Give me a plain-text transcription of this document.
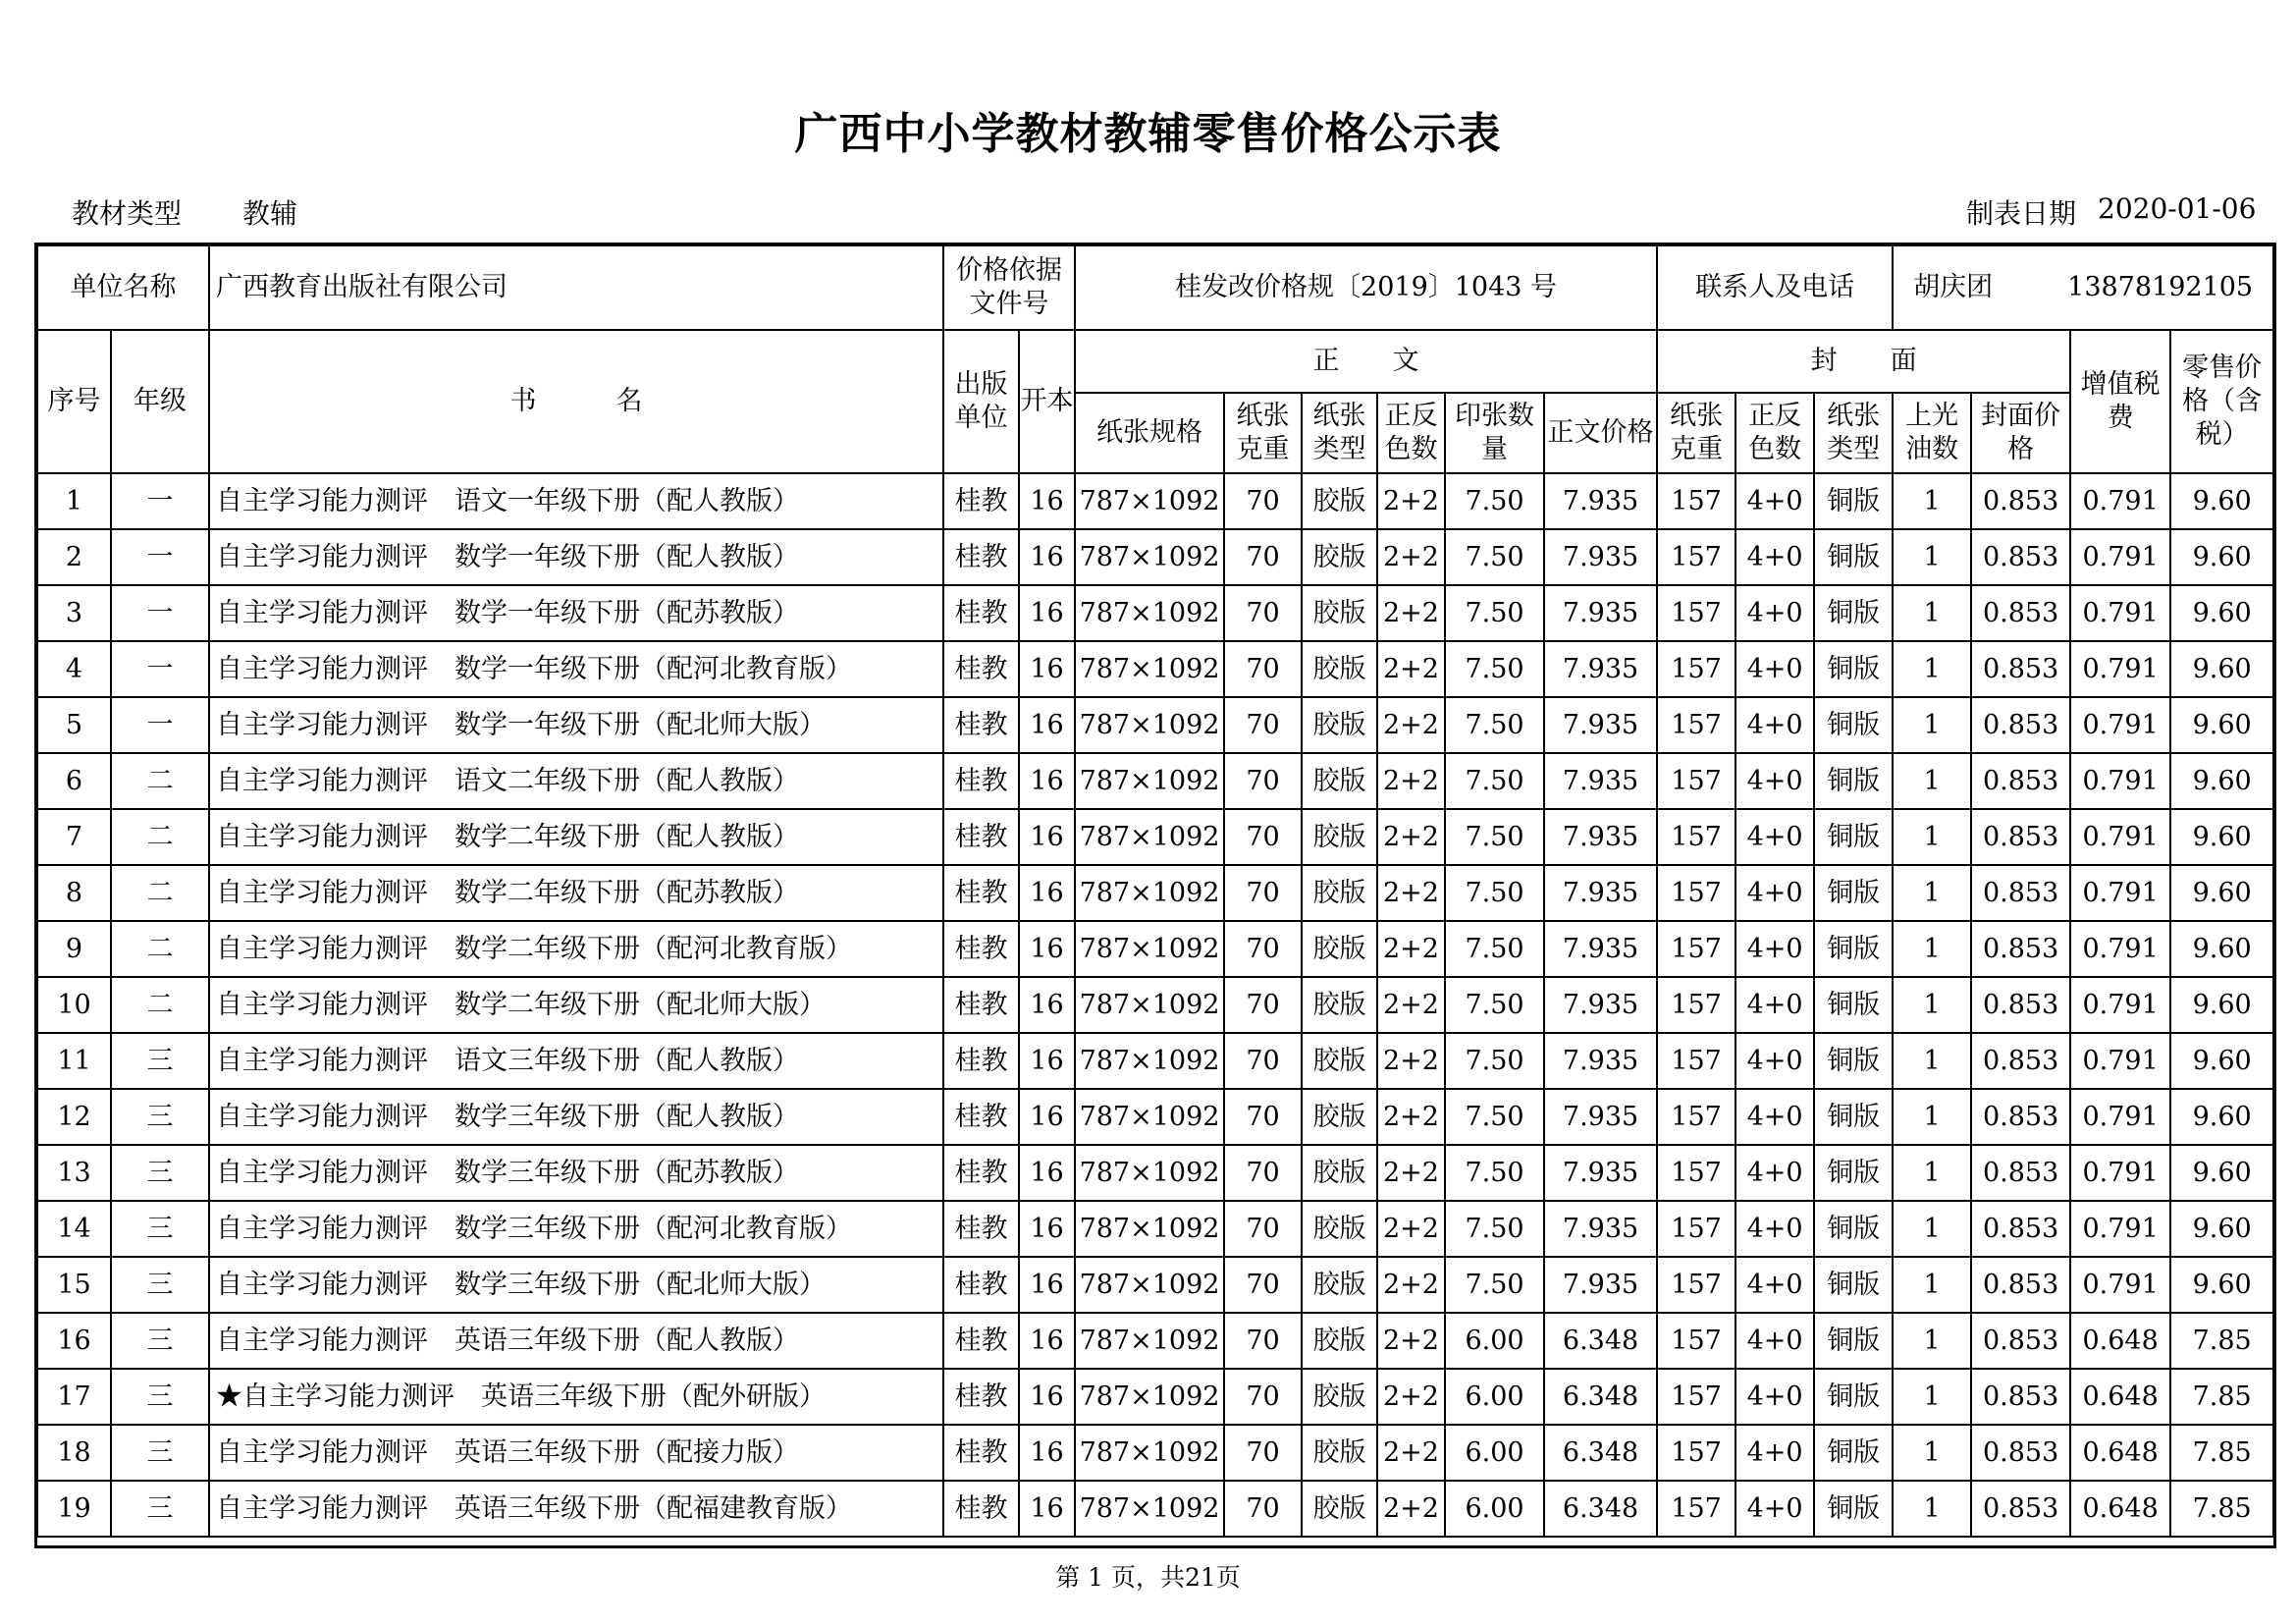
广西中小学教材教辅零售价格公示表
教材类型 教辅	制表日期 2020-01-06
单位名称		广西教育出版社有限公司	价格依据文件号		桂发改价格规〔2019〕1043 号						联系人及电话			胡庆团 13878192105			
序号	年级	书　　　名	出版单位	开本	正　　文						封　　面					增值税费	零售价格（含税）
					纸张规格	纸张克重	纸张类型	正反色数	印张数量	正文价格	纸张克重	正反色数	纸张类型	上光油数	封面价格		
1	一	自主学习能力测评　语文一年级下册（配人教版）	桂教	16	787×1092	70	胶版	2+2	7.50	7.935	157	4+0	铜版	1	0.853	0.791	9.60
2	一	自主学习能力测评　数学一年级下册（配人教版）	桂教	16	787×1092	70	胶版	2+2	7.50	7.935	157	4+0	铜版	1	0.853	0.791	9.60
3	一	自主学习能力测评　数学一年级下册（配苏教版）	桂教	16	787×1092	70	胶版	2+2	7.50	7.935	157	4+0	铜版	1	0.853	0.791	9.60
4	一	自主学习能力测评　数学一年级下册（配河北教育版）	桂教	16	787×1092	70	胶版	2+2	7.50	7.935	157	4+0	铜版	1	0.853	0.791	9.60
5	一	自主学习能力测评　数学一年级下册（配北师大版）	桂教	16	787×1092	70	胶版	2+2	7.50	7.935	157	4+0	铜版	1	0.853	0.791	9.60
6	二	自主学习能力测评　语文二年级下册（配人教版）	桂教	16	787×1092	70	胶版	2+2	7.50	7.935	157	4+0	铜版	1	0.853	0.791	9.60
7	二	自主学习能力测评　数学二年级下册（配人教版）	桂教	16	787×1092	70	胶版	2+2	7.50	7.935	157	4+0	铜版	1	0.853	0.791	9.60
8	二	自主学习能力测评　数学二年级下册（配苏教版）	桂教	16	787×1092	70	胶版	2+2	7.50	7.935	157	4+0	铜版	1	0.853	0.791	9.60
9	二	自主学习能力测评　数学二年级下册（配河北教育版）	桂教	16	787×1092	70	胶版	2+2	7.50	7.935	157	4+0	铜版	1	0.853	0.791	9.60
10	二	自主学习能力测评　数学二年级下册（配北师大版）	桂教	16	787×1092	70	胶版	2+2	7.50	7.935	157	4+0	铜版	1	0.853	0.791	9.60
11	三	自主学习能力测评　语文三年级下册（配人教版）	桂教	16	787×1092	70	胶版	2+2	7.50	7.935	157	4+0	铜版	1	0.853	0.791	9.60
12	三	自主学习能力测评　数学三年级下册（配人教版）	桂教	16	787×1092	70	胶版	2+2	7.50	7.935	157	4+0	铜版	1	0.853	0.791	9.60
13	三	自主学习能力测评　数学三年级下册（配苏教版）	桂教	16	787×1092	70	胶版	2+2	7.50	7.935	157	4+0	铜版	1	0.853	0.791	9.60
14	三	自主学习能力测评　数学三年级下册（配河北教育版）	桂教	16	787×1092	70	胶版	2+2	7.50	7.935	157	4+0	铜版	1	0.853	0.791	9.60
15	三	自主学习能力测评　数学三年级下册（配北师大版）	桂教	16	787×1092	70	胶版	2+2	7.50	7.935	157	4+0	铜版	1	0.853	0.791	9.60
16	三	自主学习能力测评　英语三年级下册（配人教版）	桂教	16	787×1092	70	胶版	2+2	6.00	6.348	157	4+0	铜版	1	0.853	0.648	7.85
17	三	★自主学习能力测评　英语三年级下册（配外研版）	桂教	16	787×1092	70	胶版	2+2	6.00	6.348	157	4+0	铜版	1	0.853	0.648	7.85
18	三	自主学习能力测评　英语三年级下册（配接力版）	桂教	16	787×1092	70	胶版	2+2	6.00	6.348	157	4+0	铜版	1	0.853	0.648	7.85
19	三	自主学习能力测评　英语三年级下册（配福建教育版）	桂教	16	787×1092	70	胶版	2+2	6.00	6.348	157	4+0	铜版	1	0.853	0.648	7.85
第 1 页，共21页
